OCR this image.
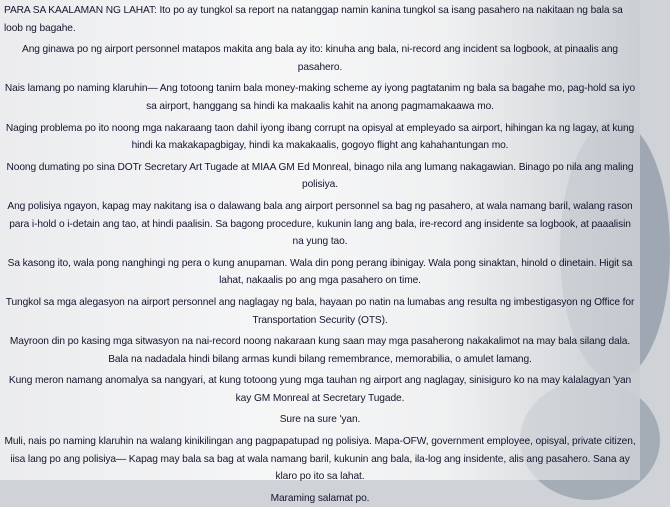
PARA SA KAALAMAN NG LAHAT: Ito po ay tungkol sa report na natanggap namin kanina tungkol sa isang pasahero na nakitaan ng bala sa loob ng bagahe.

Ang ginawa po ng airport personnel matapos makita ang bala ay ito: kinuha ang bala, ni-record ang incident sa logbook, at pinaalis ang pasahero.

Nais lamang po naming klaruhin— Ang totoong tanim bala money-making scheme ay iyong pagtatanim ng bala sa bagahe mo, pag-hold sa iyo sa airport, hanggang sa hindi ka makaalis kahit na anong pagmamakaawa mo.

Naging problema po ito noong mga nakaraang taon dahil iyong ibang corrupt na opisyal at empleyado sa airport, hihingan ka ng lagay, at kung hindi ka makakapagbigay, hindi ka makakaalis, gogoyo flight ang kahahantungan mo.

Noong dumating po sina DOTr Secretary Art Tugade at MIAA GM Ed Monreal, binago nila ang lumang nakagawian. Binago po nila ang maling polisiya.

Ang polisiya ngayon, kapag may nakitang isa o dalawang bala ang airport personnel sa bag ng pasahero, at wala namang baril, walang rason para i-hold o i-detain ang tao, at hindi paalisin. Sa bagong procedure, kukunin lang ang bala, ire-record ang insidente sa logbook, at paaalisin na yung tao.

Sa kasong ito, wala pong nanghingi ng pera o kung anupaman. Wala din pong perang ibinigay. Wala pong sinaktan, hinold o dinetain. Higit sa lahat, nakaalis po ang mga pasahero on time.

Tungkol sa mga alegasyon na airport personnel ang naglagay ng bala, hayaan po natin na lumabas ang resulta ng imbestigasyon ng Office for Transportation Security (OTS).

Mayroon din po kasing mga sitwasyon na nai-record noong nakaraan kung saan may mga pasaherong nakakalimot na may bala silang dala. Bala na nadadala hindi bilang armas kundi bilang remembrance, memorabilia, o amulet lamang.

Kung meron namang anomalya sa nangyari, at kung totoong yung mga tauhan ng airport ang naglagay, sinisiguro ko na may kalalagyan 'yan kay GM Monreal at Secretary Tugade.

Sure na sure 'yan.

Muli, nais po naming klaruhin na walang kinikilingan ang pagpapatupad ng polisiya. Mapa-OFW, government employee, opisyal, private citizen, iisa lang po ang polisiya— Kapag may bala sa bag at wala namang baril, kukunin ang bala, ila-log ang insidente, alis ang pasahero. Sana ay klaro po ito sa lahat.

Maraming salamat po.
